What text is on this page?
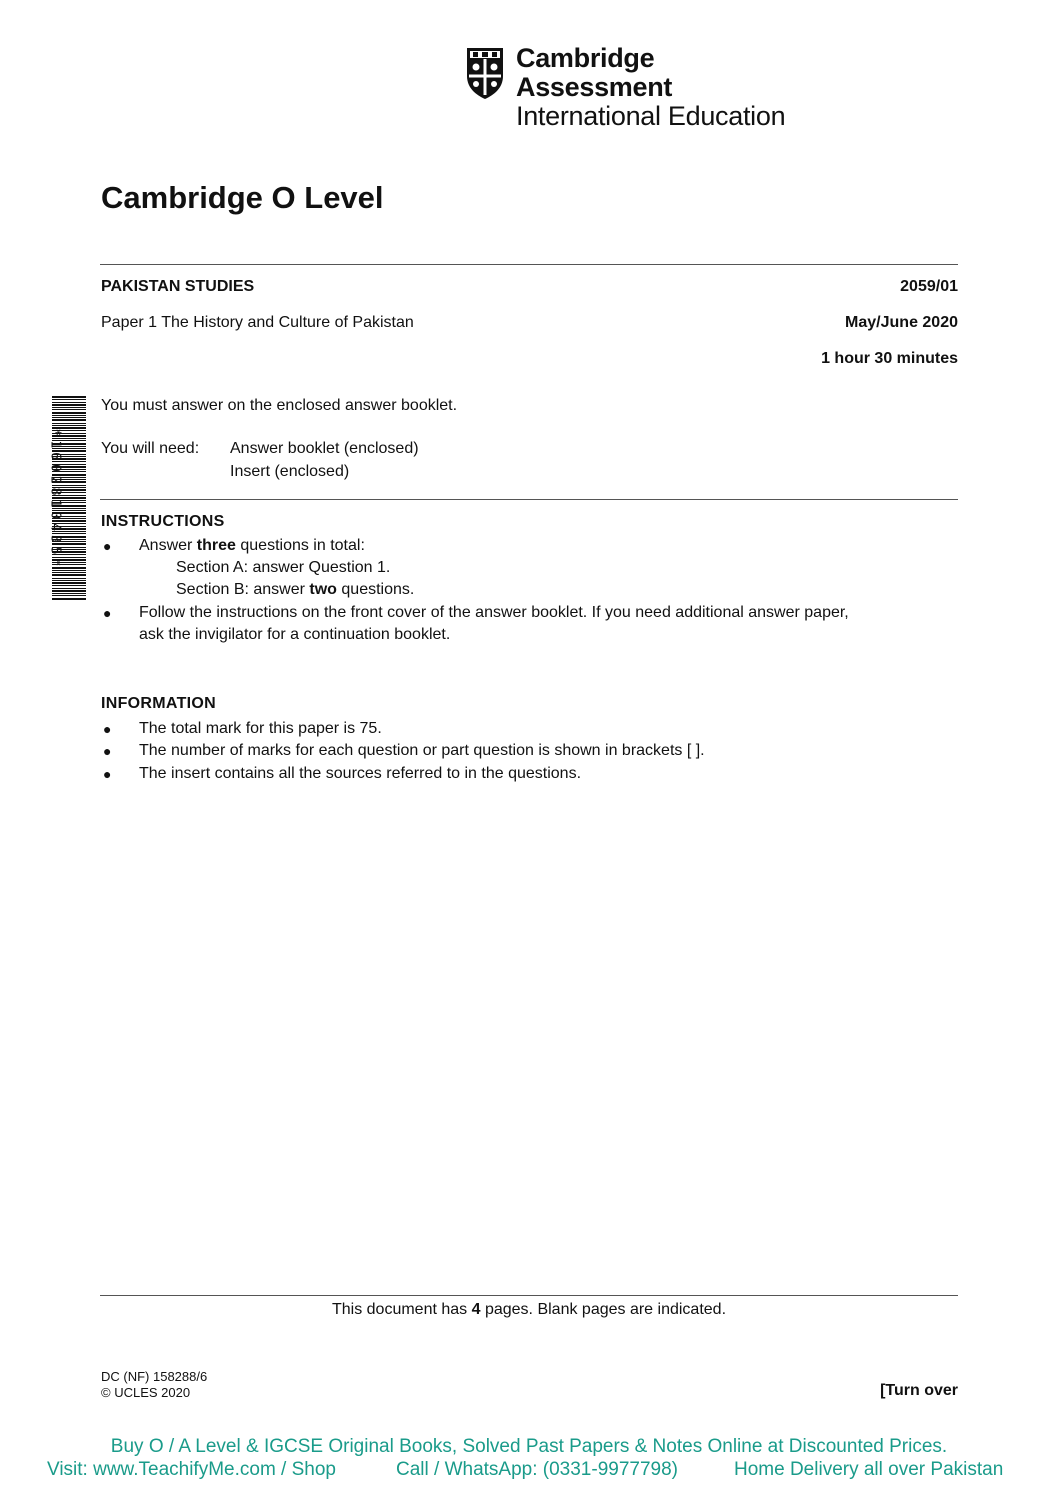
Cambridge Assessment
International Education
Cambridge O Level
PAKISTAN STUDIES	2059/01
Paper 1 The History and Culture of Pakistan	May/June 2020
1 hour 30 minutes
*1602810435*
You must answer on the enclosed answer booklet.
You will need: Answer booklet (enclosed)
Insert (enclosed)
INSTRUCTIONS
● Answer three questions in total:
Section A: answer Question 1.
Section B: answer two questions.
● Follow the instructions on the front cover of the answer booklet. If you need additional answer paper,
ask the invigilator for a continuation booklet.
INFORMATION
● The total mark for this paper is 75.
● The number of marks for each question or part question is shown in brackets [ ].
● The insert contains all the sources referred to in the questions.
This document has 4 pages. Blank pages are indicated.
DC (NF) 158288/6
© UCLES 2020	[Turn over
Buy O / A Level & IGCSE Original Books, Solved Past Papers & Notes Online at Discounted Prices.
Visit: www.TeachifyMe.com / Shop	Call / WhatsApp: (0331-9977798)	Home Delivery all over Pakistan
